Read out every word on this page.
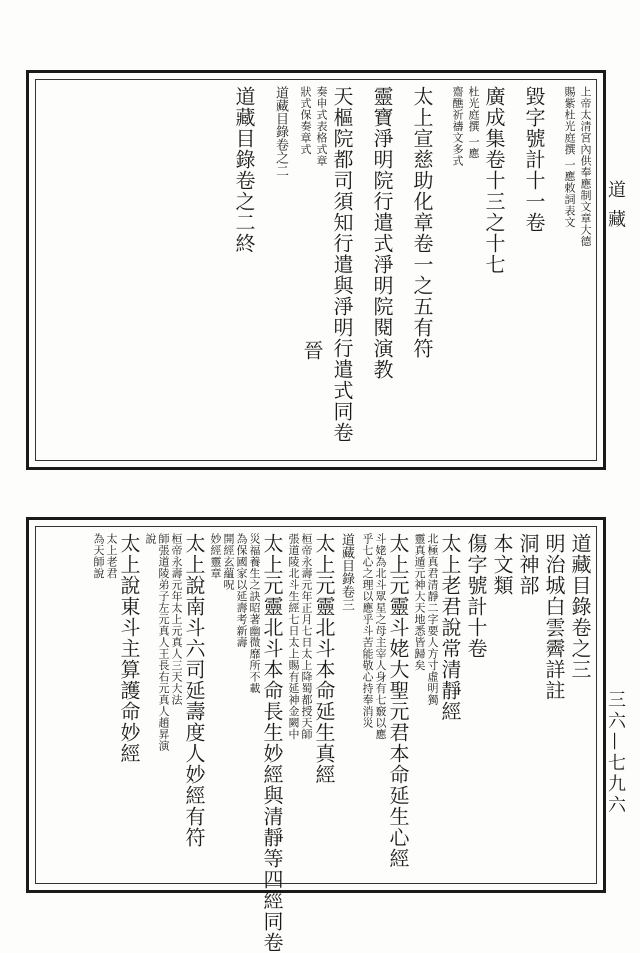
道 藏
三六—七九六
上帝太清宮內供奉應制文章大德
賜紫杜光庭撰 一應敕詞表文
毀字號計十一卷
廣成集卷十三之十七
杜光庭撰 一應
齋醮祈禱文多式
太上宣慈助化章卷一之五有符
靈寶淨明院行遣式淨明院閱演教
天樞院都司須知行遣與淨明行遣式同卷
奏申式表格式章
狀式保奏章式
道藏目錄卷之二
道藏目錄卷之二終
晉
道藏目錄卷之三
明治城白雲霽詳註
洞神部
本文類
傷字號計十卷
太上老君說常清靜經
北極真君清靜二字要人方寸虛明獨
靈真遁元神大天地悉皆歸矣
太上元靈斗姥大聖元君本命延生心經
斗姥為北斗眾星之母主宰人身有七竅以應
乎七心之理以應乎斗苦能敬心持奉消災
道藏目錄卷三
太上元靈北斗本命延生真經
桓帝永壽元年正月七日太上降蜀都授天師
張道陵北斗生經七日太上賜有延神金闕中
太上元靈北斗本命長生妙經與清靜等四經同卷
災福養生之訣昭著幽微靡所不載
為保國家以延壽考新壽
開經玄蘊呪
妙經靈章
太上說南斗六司延壽度人妙經有符
桓帝永壽元年太上元真人三天大法
師張道陵弟子左元真人王長右元真人趙昇演
說
太上說東斗主算護命妙經
太上老君
為天師說
